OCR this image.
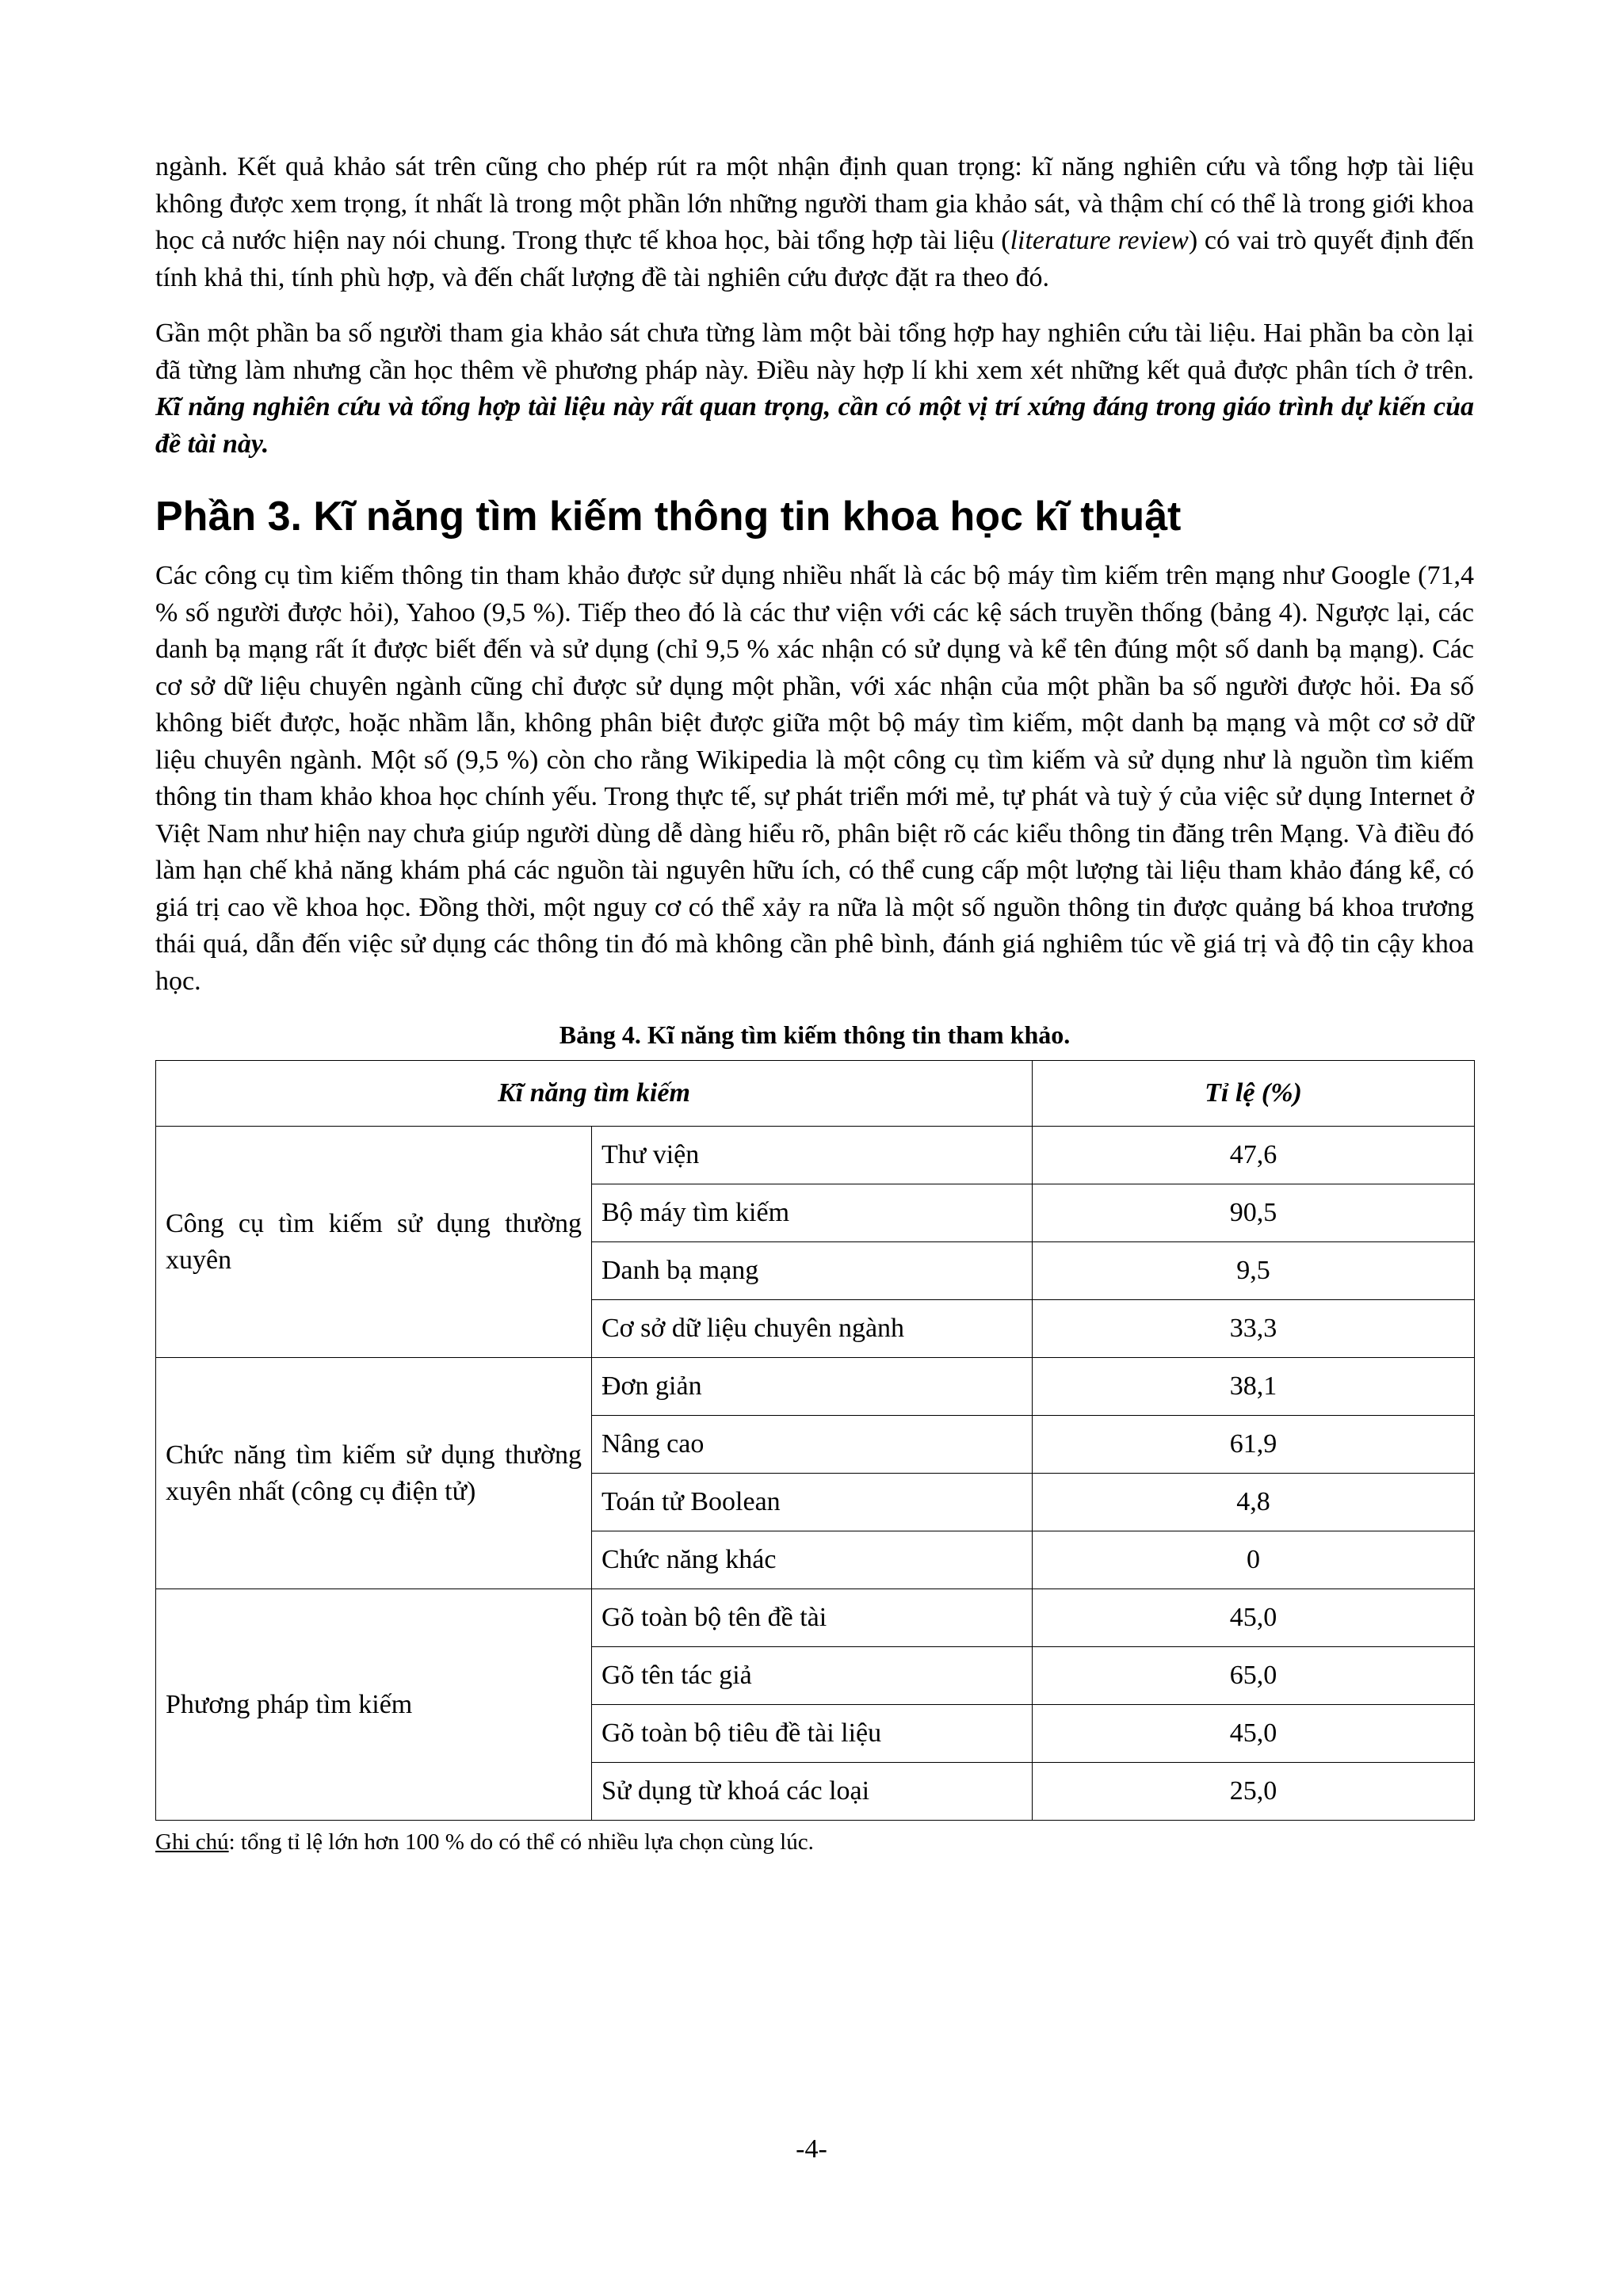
ngành. Kết quả khảo sát trên cũng cho phép rút ra một nhận định quan trọng: kĩ năng nghiên cứu và tổng hợp tài liệu không được xem trọng, ít nhất là trong một phần lớn những người tham gia khảo sát, và thậm chí có thể là trong giới khoa học cả nước hiện nay nói chung. Trong thực tế khoa học, bài tổng hợp tài liệu (literature review) có vai trò quyết định đến tính khả thi, tính phù hợp, và đến chất lượng đề tài nghiên cứu được đặt ra theo đó.

Gần một phần ba số người tham gia khảo sát chưa từng làm một bài tổng hợp hay nghiên cứu tài liệu. Hai phần ba còn lại đã từng làm nhưng cần học thêm về phương pháp này. Điều này hợp lí khi xem xét những kết quả được phân tích ở trên. Kĩ năng nghiên cứu và tổng hợp tài liệu này rất quan trọng, cần có một vị trí xứng đáng trong giáo trình dự kiến của đề tài này.

Phần 3. Kĩ năng tìm kiếm thông tin khoa học kĩ thuật

Các công cụ tìm kiếm thông tin tham khảo được sử dụng nhiều nhất là các bộ máy tìm kiếm trên mạng như Google (71,4 % số người được hỏi), Yahoo (9,5 %). Tiếp theo đó là các thư viện với các kệ sách truyền thống (bảng 4). Ngược lại, các danh bạ mạng rất ít được biết đến và sử dụng (chỉ 9,5 % xác nhận có sử dụng và kể tên đúng một số danh bạ mạng). Các cơ sở dữ liệu chuyên ngành cũng chỉ được sử dụng một phần, với xác nhận của một phần ba số người được hỏi. Đa số không biết được, hoặc nhầm lẫn, không phân biệt được giữa một bộ máy tìm kiếm, một danh bạ mạng và một cơ sở dữ liệu chuyên ngành. Một số (9,5 %) còn cho rằng Wikipedia là một công cụ tìm kiếm và sử dụng như là nguồn tìm kiếm thông tin tham khảo khoa học chính yếu. Trong thực tế, sự phát triển mới mẻ, tự phát và tuỳ ý của việc sử dụng Internet ở Việt Nam như hiện nay chưa giúp người dùng dễ dàng hiểu rõ, phân biệt rõ các kiểu thông tin đăng trên Mạng. Và điều đó làm hạn chế khả năng khám phá các nguồn tài nguyên hữu ích, có thể cung cấp một lượng tài liệu tham khảo đáng kể, có giá trị cao về khoa học. Đồng thời, một nguy cơ có thể xảy ra nữa là một số nguồn thông tin được quảng bá khoa trương thái quá, dẫn đến việc sử dụng các thông tin đó mà không cần phê bình, đánh giá nghiêm túc về giá trị và độ tin cậy khoa học.

Bảng 4. Kĩ năng tìm kiếm thông tin tham khảo.
Kĩ năng tìm kiếm		Tỉ lệ (%)
Công cụ tìm kiếm sử dụng thường xuyên	Thư viện	47,6
	Bộ máy tìm kiếm	90,5
	Danh bạ mạng	9,5
	Cơ sở dữ liệu chuyên ngành	33,3
Chức năng tìm kiếm sử dụng thường xuyên nhất (công cụ điện tử)	Đơn giản	38,1
	Nâng cao	61,9
	Toán tử Boolean	4,8
	Chức năng khác	0
Phương pháp tìm kiếm	Gõ toàn bộ tên đề tài	45,0
	Gõ tên tác giả	65,0
	Gõ toàn bộ tiêu đề tài liệu	45,0
	Sử dụng từ khoá các loại	25,0
Ghi chú: tổng tỉ lệ lớn hơn 100 % do có thể có nhiều lựa chọn cùng lúc.
-4-
